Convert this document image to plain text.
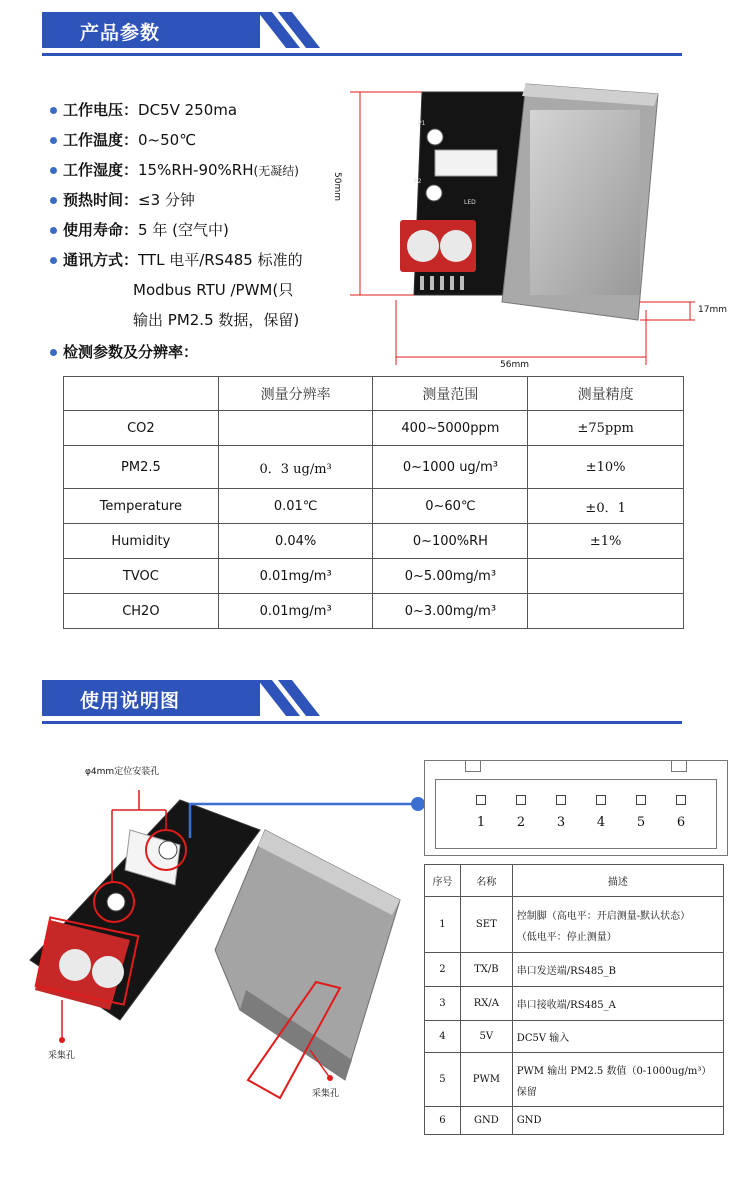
产品参数
工作电压：DC5V 250ma
工作温度：0~50℃
工作湿度：15%RH-90%RH(无凝结)
预热时间：≤3 分钟
使用寿命：5 年 (空气中)
通讯方式：TTL 电平/RS485 标准的
Modbus RTU /PWM(只
输出 PM2.5 数据，保留)
检测参数及分辨率：
P1
P2
LED
50mm
56mm
17mm
	测量分辨率	测量范围	测量精度
CO2		400~5000ppm	±75ppm
PM2.5	0．3 ug/m³	0~1000 ug/m³	±10%
Temperature	0.01℃	0~60℃	±0．1
Humidity	0.04%	0~100%RH	±1%
TVOC	0.01mg/m³	0~5.00mg/m³	
CH2O	0.01mg/m³	0~3.00mg/m³	
使用说明图
φ4mm定位安装孔
采集孔
采集孔
1	2	3	4	5	6
序号	名称	描述
1	SET	控制脚（高电平：开启测量-默认状态）
（低电平：停止测量）

2	TX/B	串口发送端/RS485_B
3	RX/A	串口接收端/RS485_A
4	5V	DC5V 输入
5	PWM	PWM 输出 PM2.5 数值（0-1000ug/m³）
保留

6	GND	GND
